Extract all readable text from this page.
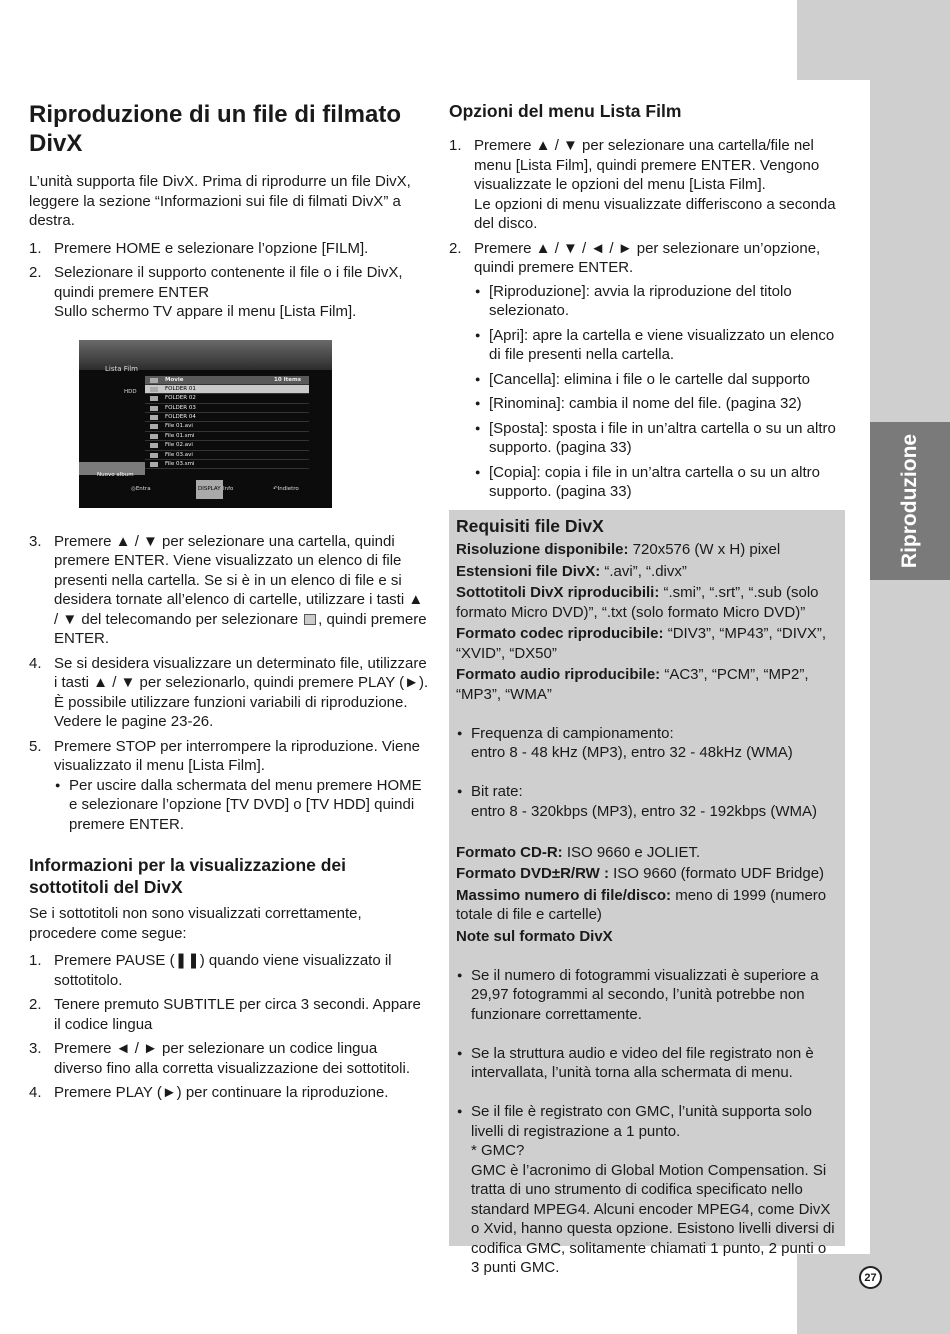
Riproduzione
27
Riproduzione di un file di filmato DivX

L’unità supporta file DivX. Prima di riprodurre un file DivX, leggere la sezione “Informazioni sui file di filmati DivX” a destra.

1. Premere HOME e selezionare l’opzione [FILM].
2. Selezionare il supporto contenente il file o i file DivX, quindi premere ENTER
Sullo schermo TV appare il menu [Lista Film].
Lista Film
HDD
Movie	10 Items
FOLDER 01
FOLDER 02
FOLDER 03
FOLDER 04
File 01.avi
File 01.smi
File 02.avi
File 03.avi
File 03.smi
Nuovo album
◎ Entra	DISPLAY Info	↶ Indietro
3. Premere ▲ / ▼ per selezionare una cartella, quindi premere ENTER. Viene visualizzato un elenco di file presenti nella cartella. Se si è in un elenco di file e si desidera tornate all’elenco di cartelle, utilizzare i tasti ▲ / ▼ del telecomando per selezionare , quindi premere ENTER.
4. Se si desidera visualizzare un determinato file, utilizzare i tasti ▲ / ▼ per selezionarlo, quindi premere PLAY (►).
È possibile utilizzare funzioni variabili di riproduzione. Vedere le pagine 23-26.
5. Premere STOP per interrompere la riproduzione. Viene visualizzato il menu [Lista Film].
● Per uscire dalla schermata del menu premere HOME e selezionare l’opzione [TV DVD] o [TV HDD] quindi premere ENTER.
Informazioni per la visualizzazione dei sottotitoli del DivX

Se i sottotitoli non sono visualizzati correttamente, procedere come segue:

1. Premere PAUSE (❚❚) quando viene visualizzato il sottotitolo.
2. Tenere premuto SUBTITLE per circa 3 secondi. Appare il codice lingua
3. Premere ◄ / ► per selezionare un codice lingua diverso fino alla corretta visualizzazione dei sottotitoli.
4. Premere PLAY (►) per continuare la riproduzione.
Opzioni del menu Lista Film
1. Premere ▲ / ▼ per selezionare una cartella/file nel menu [Lista Film], quindi premere ENTER. Vengono visualizzate le opzioni del menu [Lista Film].
Le opzioni di menu visualizzate differiscono a seconda del disco.
2. Premere ▲ / ▼ / ◄ / ► per selezionare un’opzione, quindi premere ENTER.
● [Riproduzione]: avvia la riproduzione del titolo selezionato.
● [Apri]: apre la cartella e viene visualizzato un elenco di file presenti nella cartella.
● [Cancella]: elimina i file o le cartelle dal supporto
● [Rinomina]: cambia il nome del file. (pagina 32)
● [Sposta]: sposta i file in un’altra cartella o su un altro supporto. (pagina 33)
● [Copia]: copia i file in un’altra cartella o su un altro supporto. (pagina 33)
Requisiti file DivX

Risoluzione disponibile: 720x576 (W x H) pixel

Estensioni file DivX: “.avi”, “.divx”

Sottotitoli DivX riproducibili: “.smi”, “.srt”, “.sub (solo formato Micro DVD)”, “.txt (solo formato Micro DVD)”

Formato codec riproducibile: “DIV3”, “MP43”, “DIVX”, “XVID”, “DX50”

Formato audio riproducibile: “AC3”, “PCM”, “MP2”, “MP3”, “WMA”

● Frequenza di campionamento:
entro 8 - 48 kHz (MP3), entro 32 - 48kHz (WMA)

● Bit rate:
entro 8 - 320kbps (MP3), entro 32 - 192kbps (WMA)

Formato CD-R: ISO 9660 e JOLIET.

Formato DVD±R/RW : ISO 9660 (formato UDF Bridge)

Massimo numero di file/disco: meno di 1999 (numero totale di file e cartelle)

Note sul formato DivX

● Se il numero di fotogrammi visualizzati è superiore a 29,97 fotogrammi al secondo, l’unità potrebbe non funzionare correttamente.

● Se la struttura audio e video del file registrato non è intervallata, l’unità torna alla schermata di menu.

● Se il file è registrato con GMC, l’unità supporta solo livelli di registrazione a 1 punto.
* GMC?
GMC è l’acronimo di Global Motion Compensation. Si tratta di uno strumento di codifica specificato nello standard MPEG4. Alcuni encoder MPEG4, come DivX o Xvid, hanno questa opzione. Esistono livelli diversi di codifica GMC, solitamente chiamati 1 punto, 2 punti o 3 punti GMC.
